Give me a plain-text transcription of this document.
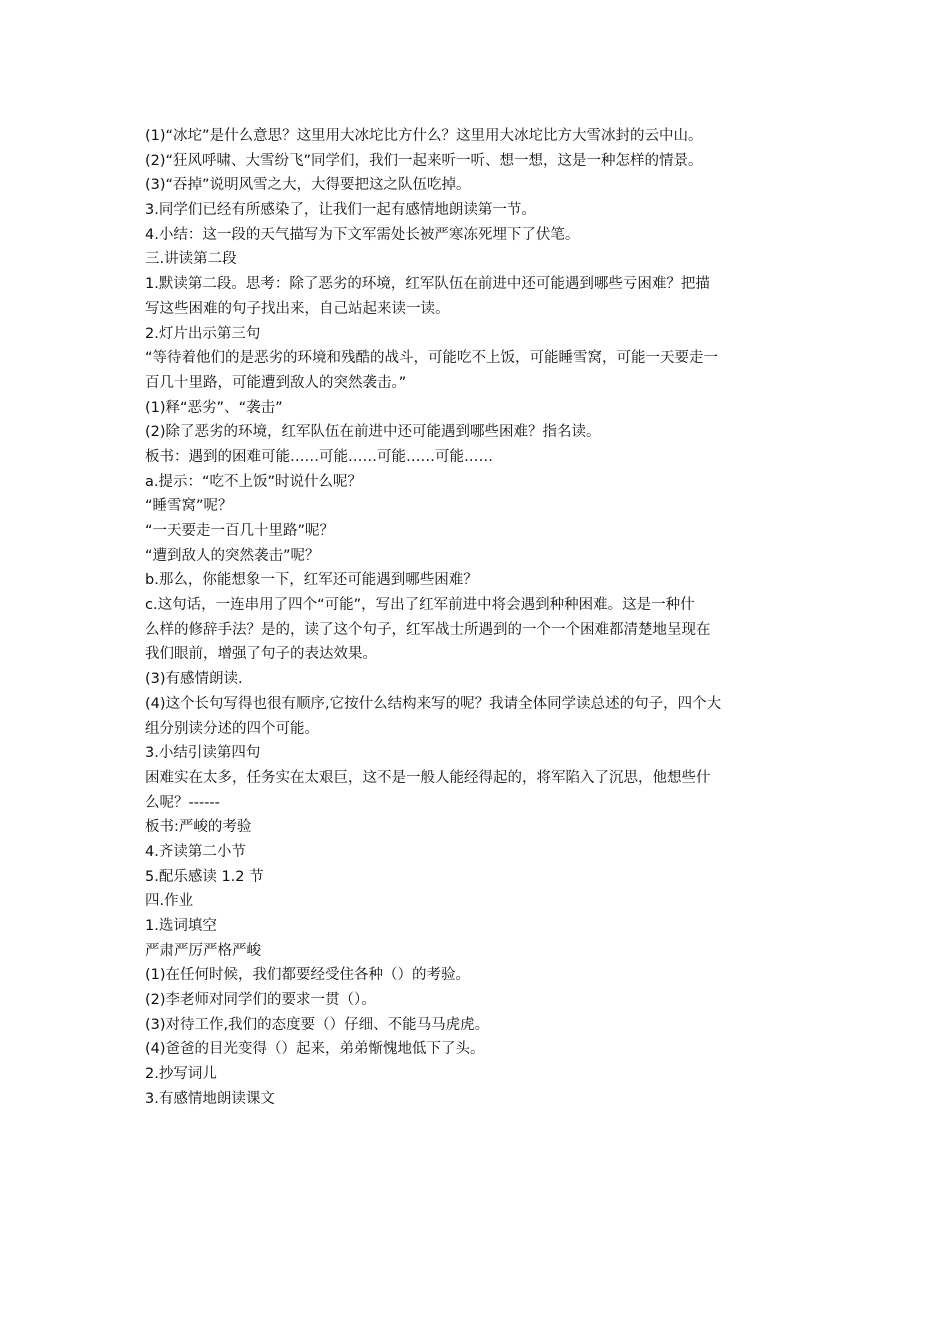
(1)“冰坨”是什么意思？这里用大冰坨比方什么？这里用大冰坨比方大雪冰封的云中山。
(2)“狂风呼啸、大雪纷飞”同学们，我们一起来听一听、想一想，这是一种怎样的情景。
(3)“吞掉”说明风雪之大，大得要把这之队伍吃掉。
3.同学们已经有所感染了，让我们一起有感情地朗读第一节。
4.小结：这一段的天气描写为下文军需处长被严寒冻死埋下了伏笔。
三.讲读第二段
1.默读第二段。思考：除了恶劣的环境，红军队伍在前进中还可能遇到哪些亏困难？把描
写这些困难的句子找出来，自己站起来读一读。
2.灯片出示第三句
“等待着他们的是恶劣的环境和残酷的战斗，可能吃不上饭，可能睡雪窝，可能一天要走一
百几十里路，可能遭到敌人的突然袭击。”
(1)释“恶劣”、“袭击”
(2)除了恶劣的环境，红军队伍在前进中还可能遇到哪些困难？指名读。
板书：遇到的困难可能……可能……可能……可能……
a.提示：“吃不上饭”时说什么呢？
“睡雪窝”呢？
“一天要走一百几十里路”呢？
“遭到敌人的突然袭击”呢？
b.那么，你能想象一下，红军还可能遇到哪些困难？
c.这句话，一连串用了四个“可能”，写出了红军前进中将会遇到种种困难。这是一种什
么样的修辞手法？是的，读了这个句子，红军战士所遇到的一个一个困难都清楚地呈现在
我们眼前，增强了句子的表达效果。
(3)有感情朗读.
(4)这个长句写得也很有顺序,它按什么结构来写的呢？我请全体同学读总述的句子，四个大
组分别读分述的四个可能。
3.小结引读第四句
困难实在太多，任务实在太艰巨，这不是一般人能经得起的，将军陷入了沉思，他想些什
么呢？------
板书:严峻的考验
4.齐读第二小节
5.配乐感读 1.2 节
四.作业
1.选词填空
严肃严厉严格严峻
(1)在任何时候，我们都要经受住各种（）的考验。
(2)李老师对同学们的要求一贯（）。
(3)对待工作,我们的态度要（）仔细、不能马马虎虎。
(4)爸爸的目光变得（）起来，弟弟惭愧地低下了头。
2.抄写词儿
3.有感情地朗读课文
